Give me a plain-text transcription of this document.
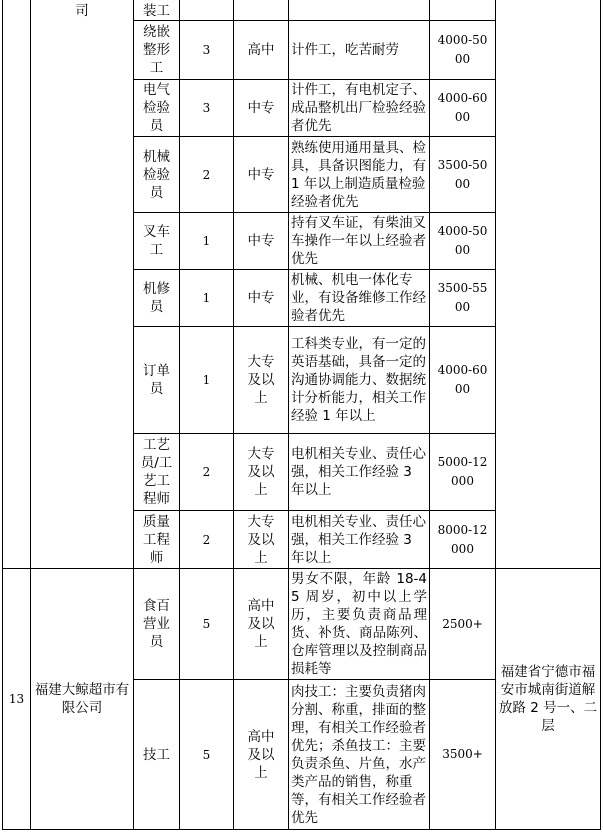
	司	装工					
		绕嵌
整形
工	3	高中	计件工，吃苦耐劳	4000-50
00	
		电气
检验
员	3	中专	计件工，有电机定子、成品整机出厂检验经验者优先	4000-60
00	
		机械
检验
员	2	中专	熟练使用通用量具、检具，具备识图能力，有 1 年以上制造质量检验经验者优先	3500-50
00	
		叉车
工	1	中专	持有叉车证，有柴油叉车操作一年以上经验者优先	4000-50
00	
		机修
员	1	中专	机械、机电一体化专业，有设备维修工作经验者优先	3500-55
00	
		订单
员	1	大专
及以
上	工科类专业，有一定的英语基础，具备一定的沟通协调能力、数据统计分析能力，相关工作经验 1 年以上	4000-60
00	
		工艺
员/工
艺工
程师	2	大专
及以
上	电机相关专业、责任心强，相关工作经验 3 年以上	5000-12
000	
		质量
工程
师	2	大专
及以
上	电机相关专业、责任心强，相关工作经验 3 年以上	8000-12
000	
13	福建大鲸超市有限公司	食百
营业
员	5	高中
及以
上	男女不限，年龄 18-45 周岁，初中以上学历，主要负责商品理货、补货、商品陈列、仓库管理以及控制商品损耗等	2500+	福建省宁德市福安市城南街道解放路 2 号一、二层
		技工	5	高中
及以
上	肉技工：主要负责猪肉分割、称重，排面的整理，有相关工作经验者优先；杀鱼技工：主要负责杀鱼、片鱼，水产类产品的销售，称重等，有相关工作经验者优先	3500+	
